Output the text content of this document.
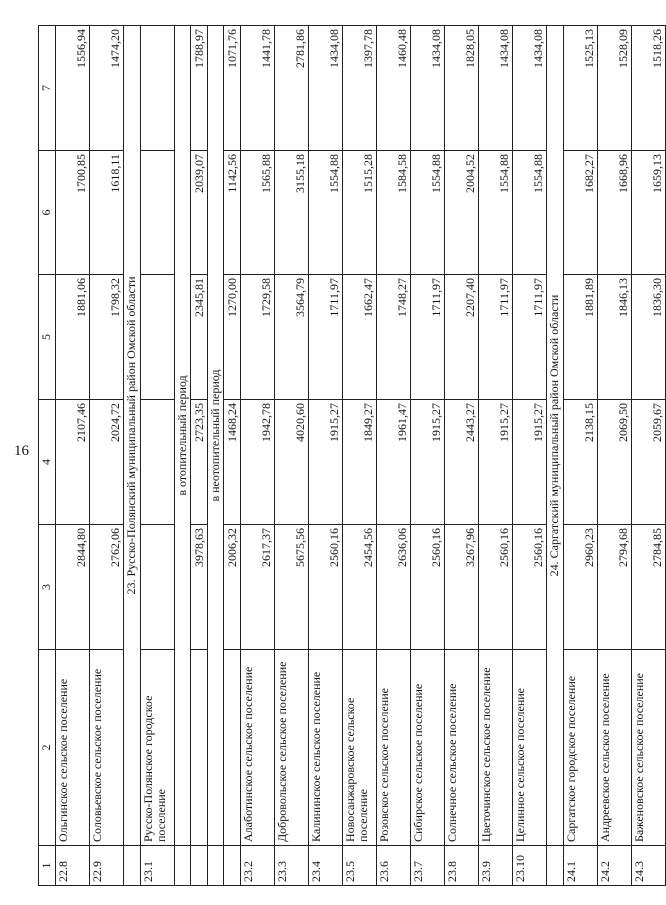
16
1	2	3	4	5	6	7
22.8	Ольгинское сельское поселение	2844,80	2107,46	1881,06	1700,85	1556,94
22.9	Соловьевское сельское поселение	2762,06	2024,72	1798,32	1618,11	1474,20
	23. Русско-Полянский муниципальный район Омской области					
23.1	Русско-Полянское городское поселение					
	в отопительный период					
		3978,63	2723,35	2345,81	2039,07	1788,97
	в неотопительный период					
		2006,32	1468,24	1270,00	1142,56	1071,76
23.2	Алаботинское сельское поселение	2617,37	1942,78	1729,58	1565,88	1441,78
23.3	Добровольское сельское поселение	5675,56	4020,60	3564,79	3155,18	2781,86
23.4	Калининское сельское поселение	2560,16	1915,27	1711,97	1554,88	1434,08
23.5	Новосанжаровское сельское поселение	2454,56	1849,27	1662,47	1515,28	1397,78
23.6	Розовское сельское поселение	2636,06	1961,47	1748,27	1584,58	1460,48
23.7	Сибирское сельское поселение	2560,16	1915,27	1711,97	1554,88	1434,08
23.8	Солнечное сельское поселение	3267,96	2443,27	2207,40	2004,52	1828,05
23.9	Цветочинское сельское поселение	2560,16	1915,27	1711,97	1554,88	1434,08
23.10	Целинное сельское поселение	2560,16	1915,27	1711,97	1554,88	1434,08
	24. Саргатский муниципальный район Омской области					
24.1	Саргатское городское поселение	2960,23	2138,15	1881,89	1682,27	1525,13
24.2	Андреевское сельское поселение	2794,68	2069,50	1846,13	1668,96	1528,09
24.3	Баженовское сельское поселение	2784,85	2059,67	1836,30	1659,13	1518,26
